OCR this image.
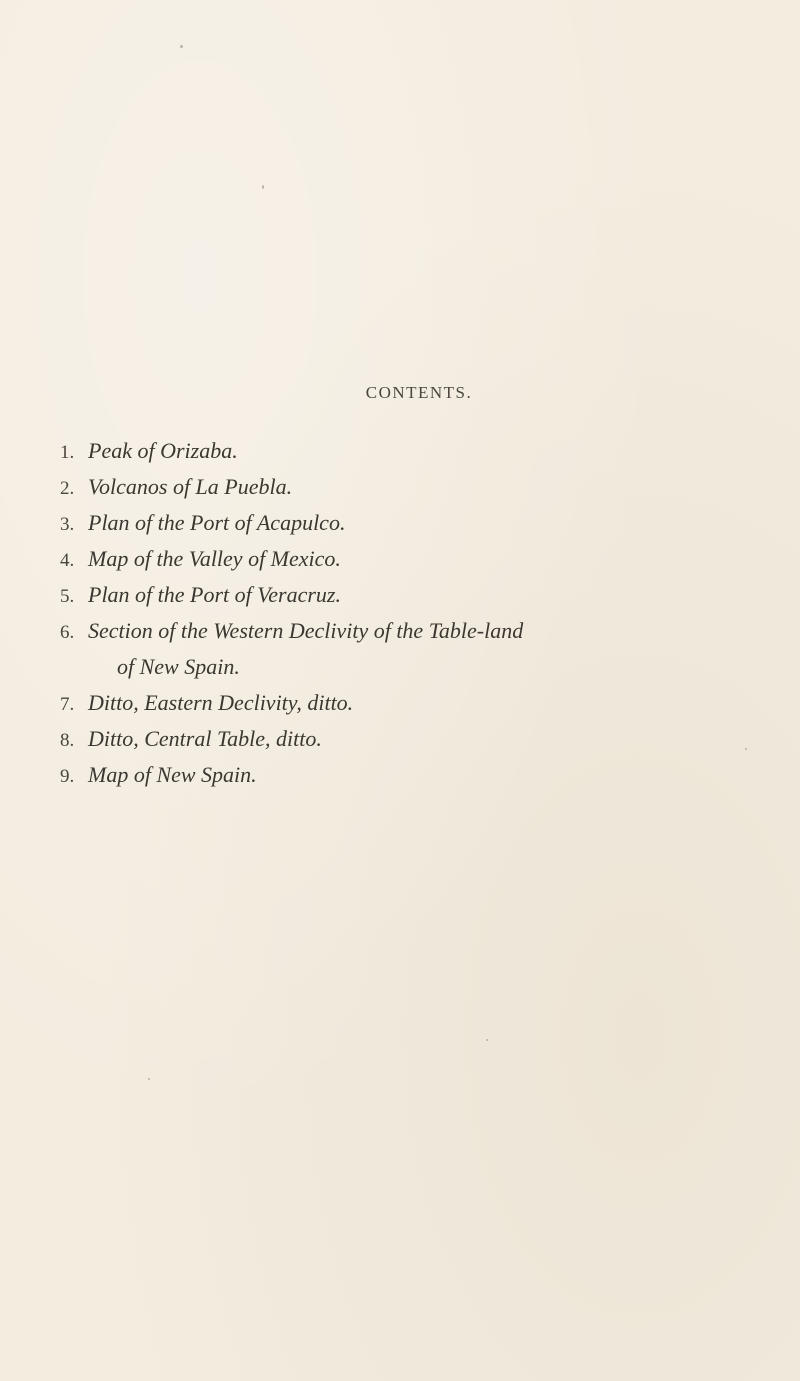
CONTENTS.
1. Peak of Orizaba.
2. Volcanos of La Puebla.
3. Plan of the Port of Acapulco.
4. Map of the Valley of Mexico.
5. Plan of the Port of Veracruz.
6. Section of the Western Declivity of the Table-land
of New Spain.
7. Ditto, Eastern Declivity, ditto.
8. Ditto, Central Table, ditto.
9. Map of New Spain.
